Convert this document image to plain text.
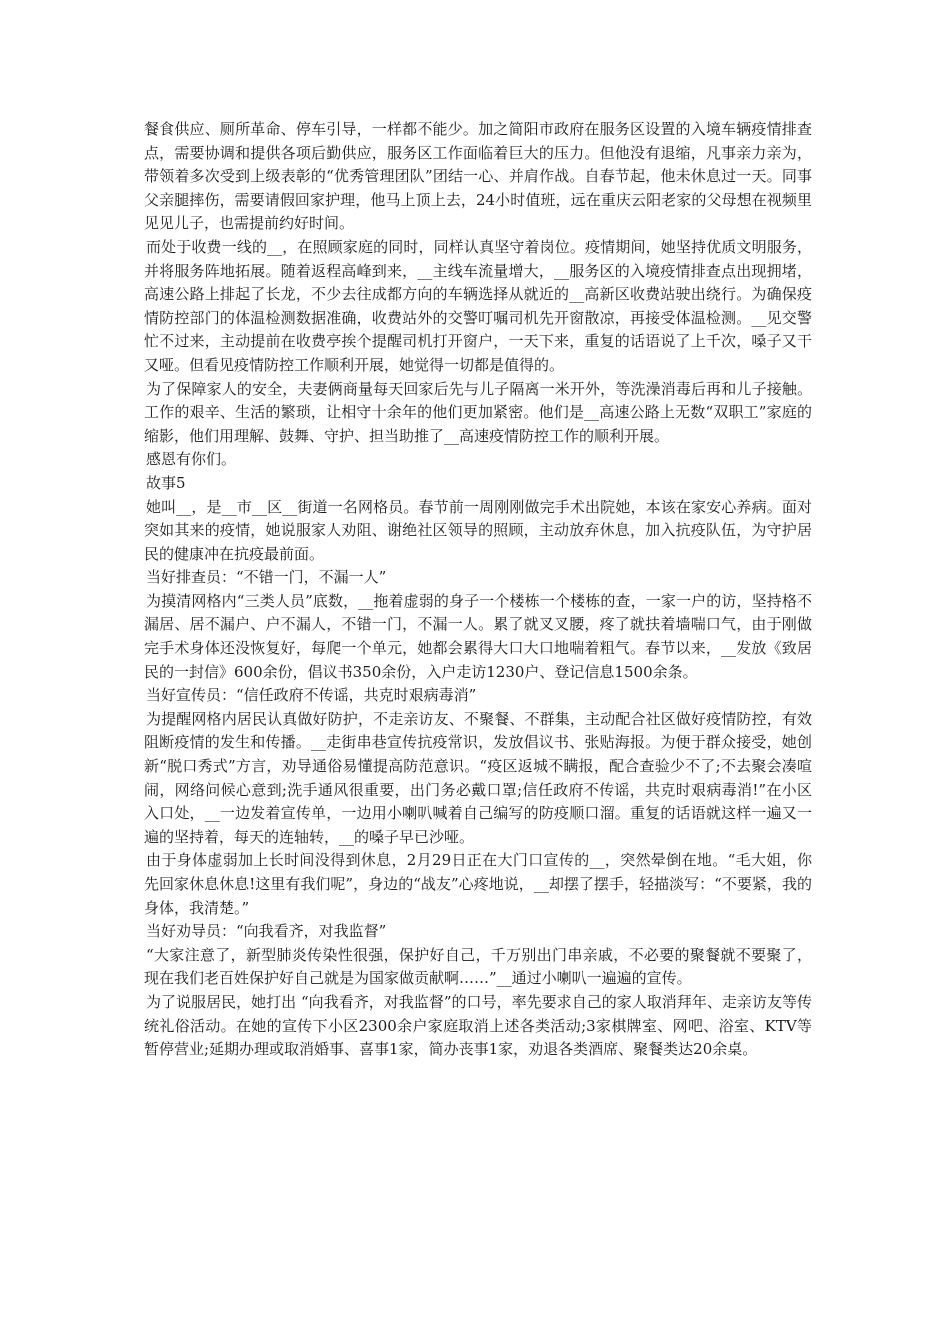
餐食供应、厕所革命、停车引导，一样都不能少。加之简阳市政府在服务区设置的入境车辆疫情排查点，需要协调和提供各项后勤供应，服务区工作面临着巨大的压力。但他没有退缩，凡事亲力亲为，带领着多次受到上级表彰的“优秀管理团队”团结一心、并肩作战。自春节起，他未休息过一天。同事父亲腿摔伤，需要请假回家护理，他马上顶上去，24小时值班，远在重庆云阳老家的父母想在视频里见见儿子，也需提前约好时间。

而处于收费一线的__，在照顾家庭的同时，同样认真坚守着岗位。疫情期间，她坚持优质文明服务，并将服务阵地拓展。随着返程高峰到来，__主线车流量增大，__服务区的入境疫情排查点出现拥堵，高速公路上排起了长龙，不少去往成都方向的车辆选择从就近的__高新区收费站驶出绕行。为确保疫情防控部门的体温检测数据准确，收费站外的交警叮嘱司机先开窗散凉，再接受体温检测。__见交警忙不过来，主动提前在收费亭挨个提醒司机打开窗户，一天下来，重复的话语说了上千次，嗓子又干又哑。但看见疫情防控工作顺利开展，她觉得一切都是值得的。

为了保障家人的安全，夫妻俩商量每天回家后先与儿子隔离一米开外，等洗澡消毒后再和儿子接触。工作的艰辛、生活的繁琐，让相守十余年的他们更加紧密。他们是__高速公路上无数“双职工”家庭的缩影，他们用理解、鼓舞、守护、担当助推了__高速疫情防控工作的顺利开展。

感恩有你们。

故事5

她叫__，是__市__区__街道一名网格员。春节前一周刚刚做完手术出院她，本该在家安心养病。面对突如其来的疫情，她说服家人劝阻、谢绝社区领导的照顾，主动放弃休息，加入抗疫队伍，为守护居民的健康冲在抗疫最前面。

当好排查员：“不错一门，不漏一人”

为摸清网格内“三类人员”底数，__拖着虚弱的身子一个楼栋一个楼栋的查，一家一户的访，坚持格不漏居、居不漏户、户不漏人，不错一门，不漏一人。累了就叉叉腰，疼了就扶着墙喘口气，由于刚做完手术身体还没恢复好，每爬一个单元，她都会累得大口大口地喘着粗气。春节以来，__发放《致居民的一封信》600余份，倡议书350余份，入户走访1230户、登记信息1500余条。

当好宣传员：“信任政府不传谣，共克时艰病毒消”

为提醒网格内居民认真做好防护，不走亲访友、不聚餐、不群集，主动配合社区做好疫情防控，有效阻断疫情的发生和传播。__走街串巷宣传抗疫常识，发放倡议书、张贴海报。为便于群众接受，她创新“脱口秀式”方言，劝导通俗易懂提高防范意识。“疫区返城不瞒报，配合查验少不了;不去聚会凑喧闹，网络问候心意到;洗手通风很重要，出门务必戴口罩;信任政府不传谣，共克时艰病毒消!”在小区入口处，__一边发着宣传单，一边用小喇叭喊着自己编写的防疫顺口溜。重复的话语就这样一遍又一遍的坚持着，每天的连轴转，__的嗓子早已沙哑。

由于身体虚弱加上长时间没得到休息，2月29日正在大门口宣传的__，突然晕倒在地。“毛大姐，你先回家休息休息!这里有我们呢”，身边的“战友”心疼地说，__却摆了摆手，轻描淡写：“不要紧，我的身体，我清楚。”

当好劝导员：“向我看齐，对我监督”

“大家注意了，新型肺炎传染性很强，保护好自己，千万别出门串亲戚，不必要的聚餐就不要聚了，现在我们老百姓保护好自己就是为国家做贡献啊……”__通过小喇叭一遍遍的宣传。

为了说服居民，她打出 “向我看齐，对我监督”的口号，率先要求自己的家人取消拜年、走亲访友等传统礼俗活动。在她的宣传下小区2300余户家庭取消上述各类活动;3家棋牌室、网吧、浴室、KTV等暂停营业;延期办理或取消婚事、喜事1家，简办丧事1家，劝退各类酒席、聚餐类达20余桌。
